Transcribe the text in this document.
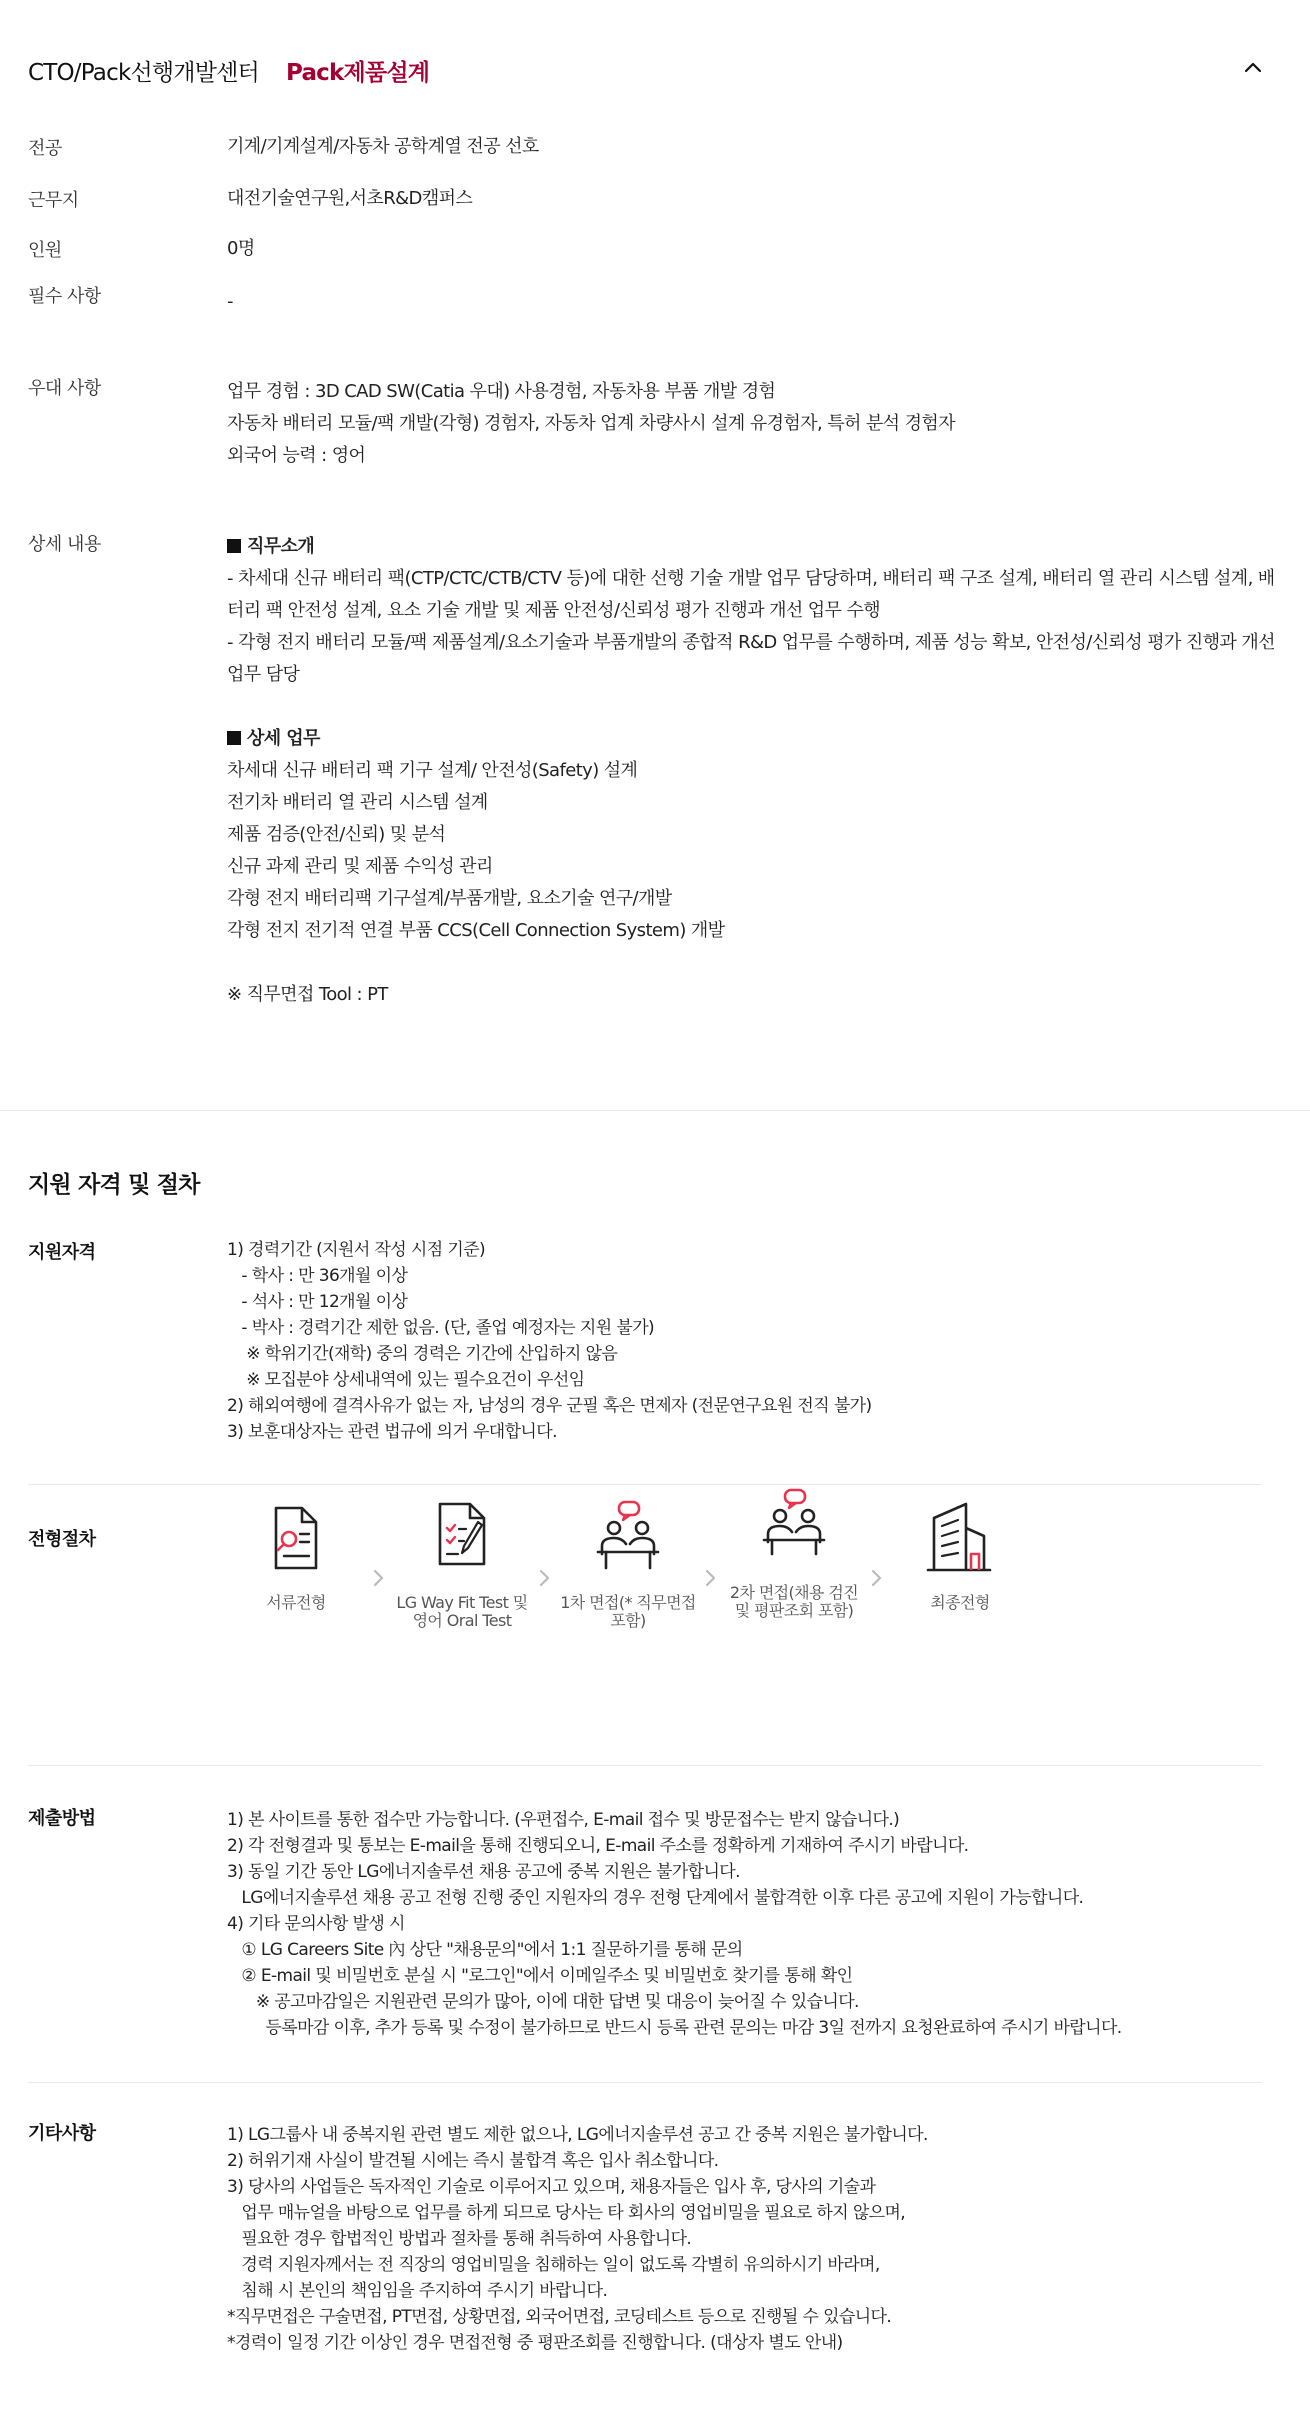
CTO/Pack선행개발센터 Pack제품설계
전공	기계/기계설계/자동차 공학계열 전공 선호
근무지	대전기술연구원,서초R&D캠퍼스
인원	0명
필수 사항	-
우대 사항	업무 경험 : 3D CAD SW(Catia 우대) 사용경험, 자동차용 부품 개발 경험
자동차 배터리 모듈/팩 개발(각형) 경험자, 자동차 업계 차량사시 설계 유경험자, 특허 분석 경험자
외국어 능력 : 영어
상세 내용	직무소개
- 차세대 신규 배터리 팩(CTP/CTC/CTB/CTV 등)에 대한 선행 기술 개발 업무 담당하며, 배터리 팩 구조 설계, 배터리 열 관리 시스템 설계, 배터리 팩 안전성 설계, 요소 기술 개발 및 제품 안전성/신뢰성 평가 진행과 개선 업무 수행
- 각형 전지 배터리 모듈/팩 제품설계/요소기술과 부품개발의 종합적 R&D 업무를 수행하며, 제품 성능 확보, 안전성/신뢰성 평가 진행과 개선 업무 담당
상세 업무
차세대 신규 배터리 팩 기구 설계/ 안전성(Safety) 설계
전기차 배터리 열 관리 시스템 설계
제품 검증(안전/신뢰) 및 분석
신규 과제 관리 및 제품 수익성 관리
각형 전지 배터리팩 기구설계/부품개발, 요소기술 연구/개발
각형 전지 전기적 연결 부품 CCS(Cell Connection System) 개발
※ 직무면접 Tool : PT
지원 자격 및 절차
지원자격	1) 경력기간 (지원서 작성 시점 기준)
- 학사 : 만 36개월 이상
- 석사 : 만 12개월 이상
- 박사 : 경력기간 제한 없음. (단, 졸업 예정자는 지원 불가)
※ 학위기간(재학) 중의 경력은 기간에 산입하지 않음
※ 모집분야 상세내역에 있는 필수요건이 우선임
2) 해외여행에 결격사유가 없는 자, 남성의 경우 군필 혹은 면제자 (전문연구요원 전직 불가)
3) 보훈대상자는 관련 법규에 의거 우대합니다.
전형절차
서류전형	LG Way Fit Test 및 영어 Oral Test
1차 면접(* 직무면접 포함)
2차 면접(채용 검진 및 평판조회 포함)	최종전형
제출방법	1) 본 사이트를 통한 접수만 가능합니다. (우편접수, E-mail 접수 및 방문접수는 받지 않습니다.)
2) 각 전형결과 및 통보는 E-mail을 통해 진행되오니, E-mail 주소를 정확하게 기재하여 주시기 바랍니다.
3) 동일 기간 동안 LG에너지솔루션 채용 공고에 중복 지원은 불가합니다.
LG에너지솔루션 채용 공고 전형 진행 중인 지원자의 경우 전형 단계에서 불합격한 이후 다른 공고에 지원이 가능합니다.
4) 기타 문의사항 발생 시
① LG Careers Site 內 상단 "채용문의"에서 1:1 질문하기를 통해 문의
② E-mail 및 비밀번호 분실 시 "로그인"에서 이메일주소 및 비밀번호 찾기를 통해 확인
※ 공고마감일은 지원관련 문의가 많아, 이에 대한 답변 및 대응이 늦어질 수 있습니다.
등록마감 이후, 추가 등록 및 수정이 불가하므로 반드시 등록 관련 문의는 마감 3일 전까지 요청완료하여 주시기 바랍니다.
기타사항	1) LG그룹사 내 중복지원 관련 별도 제한 없으나, LG에너지솔루션 공고 간 중복 지원은 불가합니다.
2) 허위기재 사실이 발견될 시에는 즉시 불합격 혹은 입사 취소합니다.
3) 당사의 사업들은 독자적인 기술로 이루어지고 있으며, 채용자들은 입사 후, 당사의 기술과
업무 매뉴얼을 바탕으로 업무를 하게 되므로 당사는 타 회사의 영업비밀을 필요로 하지 않으며,
필요한 경우 합법적인 방법과 절차를 통해 취득하여 사용합니다.
경력 지원자께서는 전 직장의 영업비밀을 침해하는 일이 없도록 각별히 유의하시기 바라며,
침해 시 본인의 책임임을 주지하여 주시기 바랍니다.
*직무면접은 구술면접, PT면접, 상황면접, 외국어면접, 코딩테스트 등으로 진행될 수 있습니다.
*경력이 일정 기간 이상인 경우 면접전형 중 평판조회를 진행합니다. (대상자 별도 안내)
